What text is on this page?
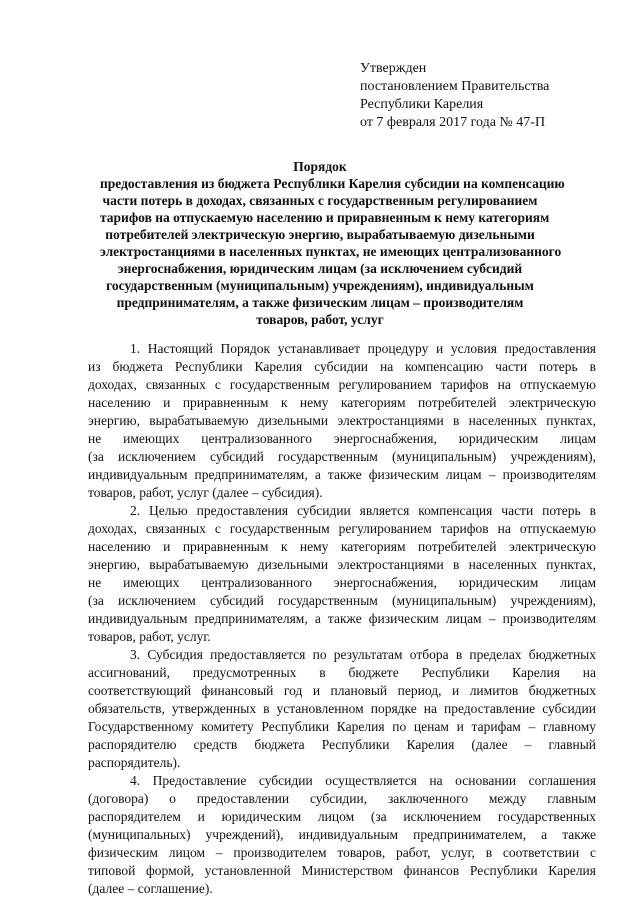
Утвержден
постановлением Правительства
Республики Карелия
от 7 февраля 2017 года № 47-П
Порядок
предоставления из бюджета Республики Карелия субсидии на компенсацию
части потерь в доходах, связанных с государственным регулированием
тарифов на отпускаемую населению и приравненным к нему категориям
потребителей электрическую энергию, вырабатываемую дизельными
электростанциями в населенных пунктах, не имеющих централизованного
энергоснабжения, юридическим лицам (за исключением субсидий
государственным (муниципальным) учреждениям), индивидуальным
предпринимателям, а также физическим лицам – производителям
товаров, работ, услуг
1. Настоящий Порядок устанавливает процедуру и условия предоставления
из бюджета Республики Карелия субсидии на компенсацию части потерь в
доходах, связанных с государственным регулированием тарифов на отпускаемую
населению и приравненным к нему категориям потребителей электрическую
энергию, вырабатываемую дизельными электростанциями в населенных пунктах,
не имеющих централизованного энергоснабжения, юридическим лицам
(за исключением субсидий государственным (муниципальным) учреждениям),
индивидуальным предпринимателям, а также физическим лицам – производителям
товаров, работ, услуг (далее – субсидия).
2. Целью предоставления субсидии является компенсация части потерь в
доходах, связанных с государственным регулированием тарифов на отпускаемую
населению и приравненным к нему категориям потребителей электрическую
энергию, вырабатываемую дизельными электростанциями в населенных пунктах,
не имеющих централизованного энергоснабжения, юридическим лицам
(за исключением субсидий государственным (муниципальным) учреждениям),
индивидуальным предпринимателям, а также физическим лицам – производителям
товаров, работ, услуг.
3. Субсидия предоставляется по результатам отбора в пределах бюджетных
ассигнований, предусмотренных в бюджете Республики Карелия на
соответствующий финансовый год и плановый период, и лимитов бюджетных
обязательств, утвержденных в установленном порядке на предоставление субсидии
Государственному комитету Республики Карелия по ценам и тарифам – главному
распорядителю средств бюджета Республики Карелия (далее – главный
распорядитель).
4. Предоставление субсидии осуществляется на основании соглашения
(договора) о предоставлении субсидии, заключенного между главным
распорядителем и юридическим лицом (за исключением государственных
(муниципальных) учреждений), индивидуальным предпринимателем, а также
физическим лицом – производителем товаров, работ, услуг, в соответствии с
типовой формой, установленной Министерством финансов Республики Карелия
(далее – соглашение).
